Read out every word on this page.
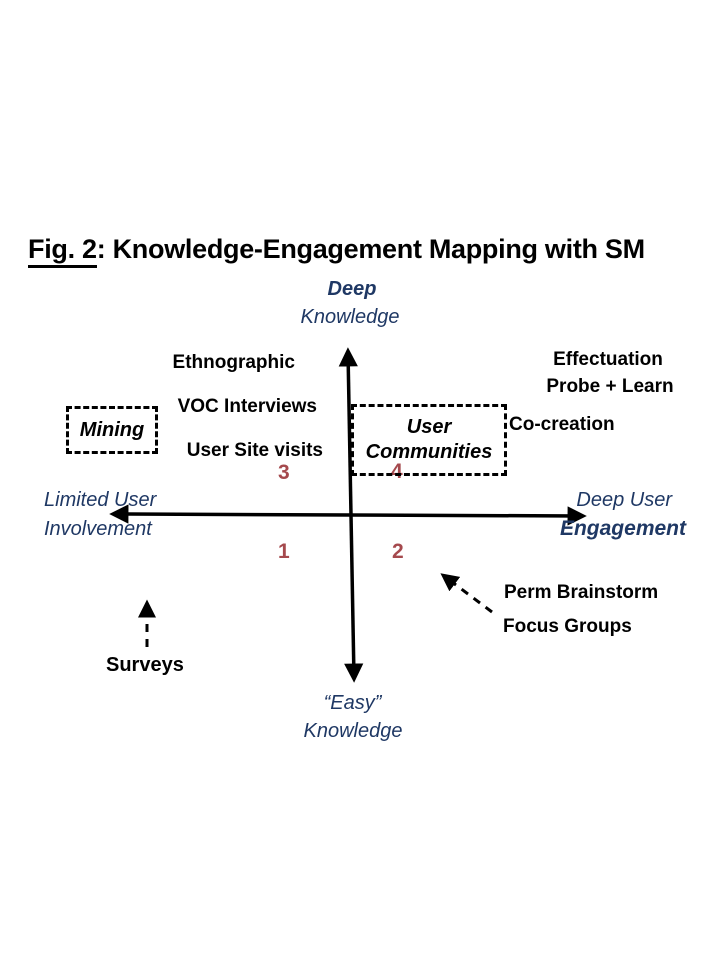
Fig. 2: Knowledge-Engagement Mapping with SM
Deep
Knowledge
“Easy”
Knowledge
Limited User
Involvement
Deep User
Engagement
Ethnographic
VOC Interviews
User Site visits
Effectuation
Probe + Learn
Co-creation
Perm Brainstorm
Focus Groups
Surveys
4
3
1	2
Mining	User
Communities
